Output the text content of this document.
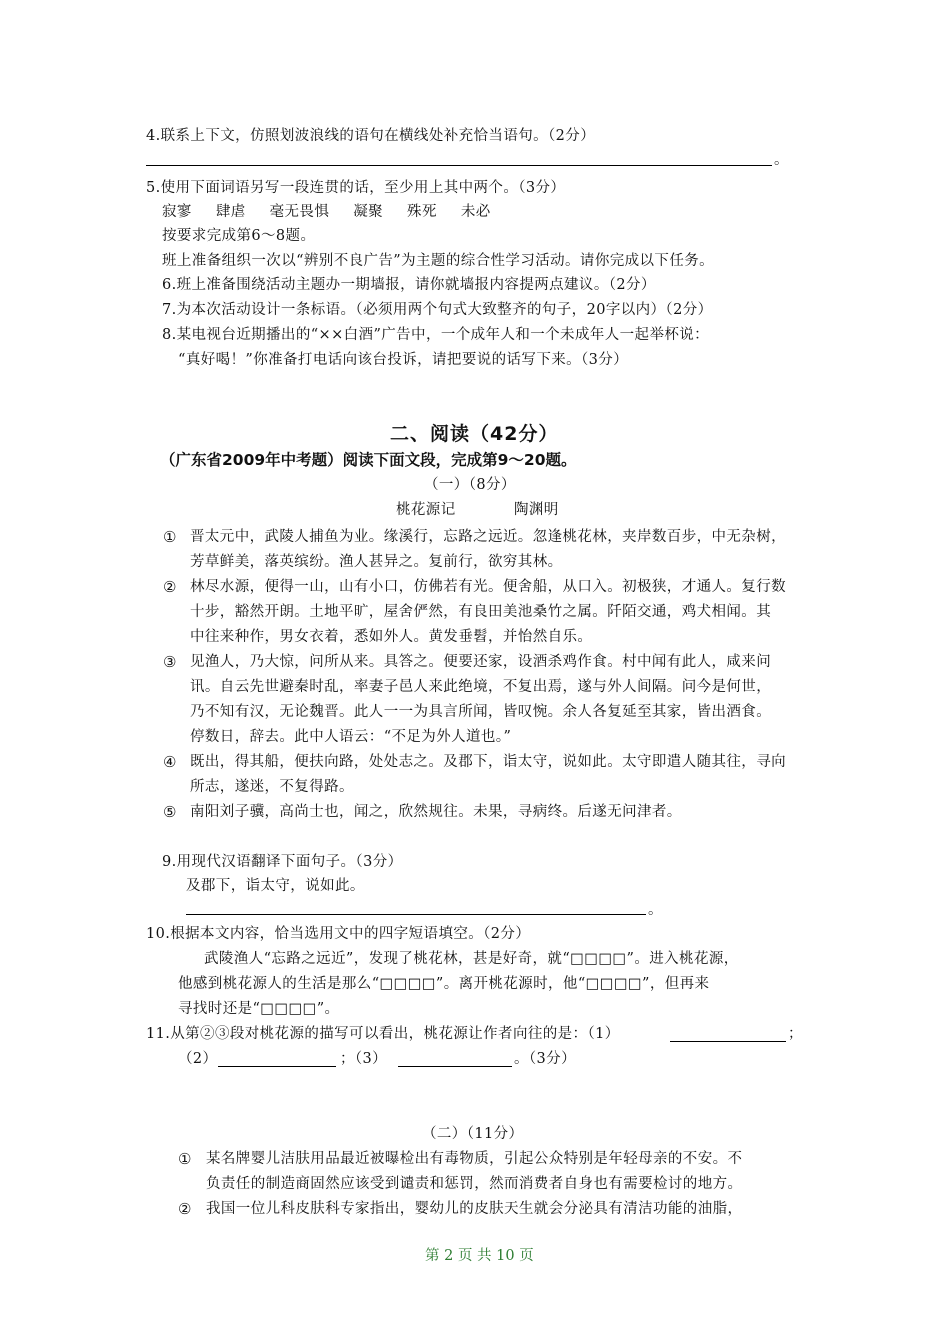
4.联系上下文，仿照划波浪线的语句在横线处补充恰当语句。（2分）
。
5.使用下面词语另写一段连贯的话，至少用上其中两个。（3分）
寂寥 肆虐 毫无畏惧 凝聚 殊死 未必
按要求完成第6～8题。
班上准备组织一次以“辨别不良广告”为主题的综合性学习活动。请你完成以下任务。
6.班上准备围绕活动主题办一期墙报，请你就墙报内容提两点建议。（2分）
7.为本次活动设计一条标语。（必须用两个句式大致整齐的句子，20字以内）（2分）
8.某电视台近期播出的“××白酒”广告中，一个成年人和一个未成年人一起举杯说：
“真好喝！”你准备打电话向该台投诉，请把要说的话写下来。（3分）
二、阅读（42分）
（广东省2009年中考题）阅读下面文段，完成第9～20题。
（一）（8分）
桃花源记	陶渊明
① 晋太元中，武陵人捕鱼为业。缘溪行，忘路之远近。忽逢桃花林，夹岸数百步，中无杂树，
芳草鲜美，落英缤纷。渔人甚异之。复前行，欲穷其林。
② 林尽水源，便得一山，山有小口，仿佛若有光。便舍船，从口入。初极狭，才通人。复行数
十步，豁然开朗。土地平旷，屋舍俨然，有良田美池桑竹之属。阡陌交通，鸡犬相闻。其
中往来种作，男女衣着，悉如外人。黄发垂髫，并怡然自乐。
③ 见渔人，乃大惊，问所从来。具答之。便要还家，设酒杀鸡作食。村中闻有此人，咸来问
讯。自云先世避秦时乱，率妻子邑人来此绝境，不复出焉，遂与外人间隔。问今是何世，
乃不知有汉，无论魏晋。此人一一为具言所闻，皆叹惋。余人各复延至其家，皆出酒食。
停数日，辞去。此中人语云：“不足为外人道也。”
④ 既出，得其船，便扶向路，处处志之。及郡下，诣太守，说如此。太守即遣人随其往，寻向
所志，遂迷，不复得路。
⑤ 南阳刘子骥，高尚士也，闻之，欣然规往。未果，寻病终。后遂无问津者。
9.用现代汉语翻译下面句子。（3分）
及郡下，诣太守，说如此。
。
10.根据本文内容，恰当选用文中的四字短语填空。（2分）
武陵渔人“忘路之远近”，发现了桃花林，甚是好奇，就“□□□□”。进入桃花源，
他感到桃花源人的生活是那么“□□□□”。离开桃花源时，他“□□□□”，但再来
寻找时还是“□□□□”。
11.从第②③段对桃花源的描写可以看出，桃花源让作者向往的是：（1）	；
（2）	；（3）	。（3分）
（二）（11分）
① 某名牌婴儿洁肤用品最近被曝检出有毒物质，引起公众特别是年轻母亲的不安。不
负责任的制造商固然应该受到谴责和惩罚，然而消费者自身也有需要检讨的地方。
② 我国一位儿科皮肤科专家指出，婴幼儿的皮肤天生就会分泌具有清洁功能的油脂，
第 2 页 共 10 页
